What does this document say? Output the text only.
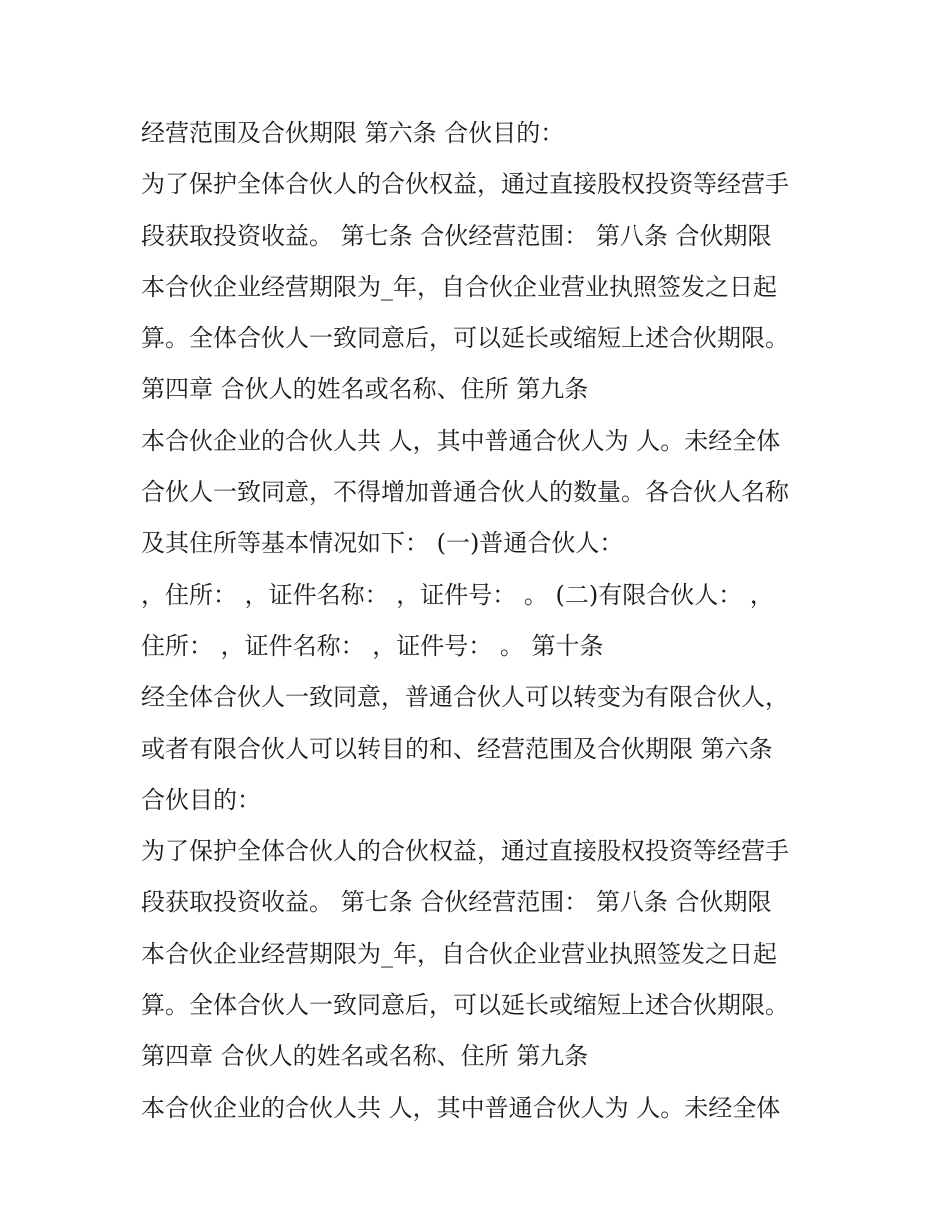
经营范围及合伙期限 第六条 合伙目的：

为了保护全体合伙人的合伙权益，通过直接股权投资等经营手

段获取投资收益。 第七条 合伙经营范围： 第八条 合伙期限

本合伙企业经营期限为_年，自合伙企业营业执照签发之日起

算。全体合伙人一致同意后，可以延长或缩短上述合伙期限。

第四章 合伙人的姓名或名称、住所 第九条

本合伙企业的合伙人共 人，其中普通合伙人为 人。未经全体

合伙人一致同意，不得增加普通合伙人的数量。各合伙人名称

及其住所等基本情况如下： (一)普通合伙人：

，住所： ，证件名称： ，证件号： 。 (二)有限合伙人： ，

住所： ，证件名称： ，证件号： 。 第十条

经全体合伙人一致同意，普通合伙人可以转变为有限合伙人，

或者有限合伙人可以转目的和、经营范围及合伙期限 第六条

合伙目的：

为了保护全体合伙人的合伙权益，通过直接股权投资等经营手

段获取投资收益。 第七条 合伙经营范围： 第八条 合伙期限

本合伙企业经营期限为_年，自合伙企业营业执照签发之日起

算。全体合伙人一致同意后，可以延长或缩短上述合伙期限。

第四章 合伙人的姓名或名称、住所 第九条

本合伙企业的合伙人共 人，其中普通合伙人为 人。未经全体
